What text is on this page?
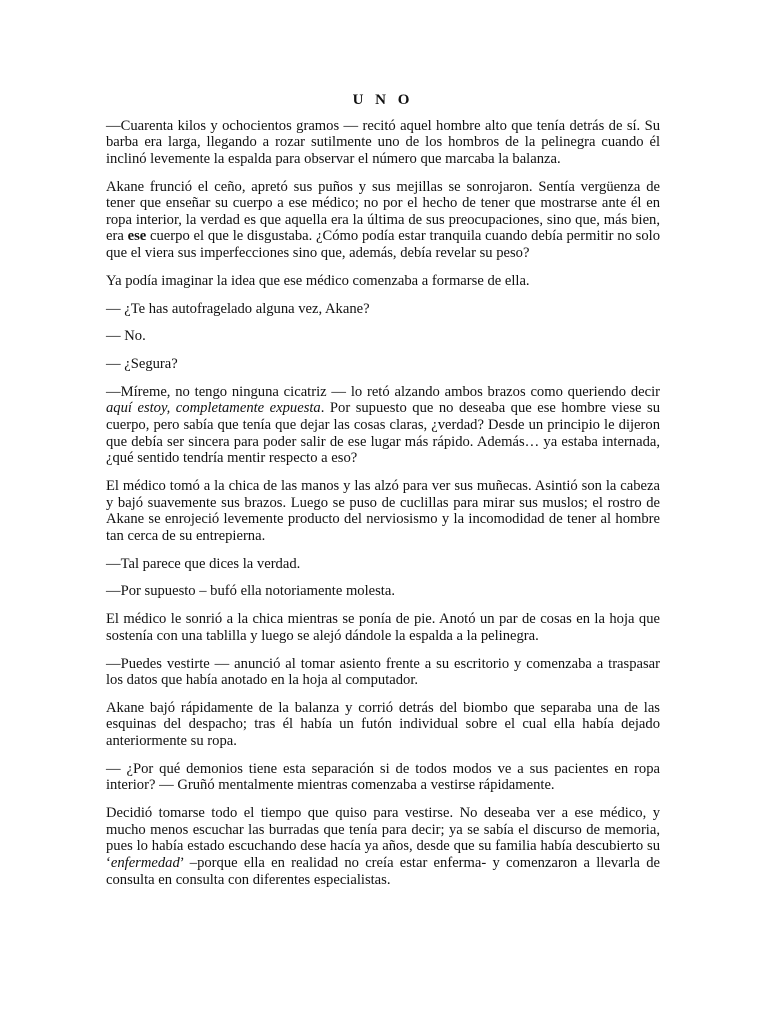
U N O

—Cuarenta kilos y ochocientos gramos — recitó aquel hombre alto que tenía detrás de sí. Su barba era larga, llegando a rozar sutilmente uno de los hombros de la pelinegra cuando él inclinó levemente la espalda para observar el número que marcaba la balanza.

Akane frunció el ceño, apretó sus puños y sus mejillas se sonrojaron. Sentía vergüenza de tener que enseñar su cuerpo a ese médico; no por el hecho de tener que mostrarse ante él en ropa interior, la verdad es que aquella era la última de sus preocupaciones, sino que, más bien, era ese cuerpo el que le disgustaba. ¿Cómo podía estar tranquila cuando debía permitir no solo que el viera sus imperfecciones sino que, además, debía revelar su peso?

Ya podía imaginar la idea que ese médico comenzaba a formarse de ella.

— ¿Te has autofragelado alguna vez, Akane?

— No.

— ¿Segura?

—Míreme, no tengo ninguna cicatriz — lo retó alzando ambos brazos como queriendo decir aquí estoy, completamente expuesta. Por supuesto que no deseaba que ese hombre viese su cuerpo, pero sabía que tenía que dejar las cosas claras, ¿verdad? Desde un principio le dijeron que debía ser sincera para poder salir de ese lugar más rápido. Además… ya estaba internada, ¿qué sentido tendría mentir respecto a eso?

El médico tomó a la chica de las manos y las alzó para ver sus muñecas. Asintió son la cabeza y bajó suavemente sus brazos. Luego se puso de cuclillas para mirar sus muslos; el rostro de Akane se enrojeció levemente producto del nerviosismo y la incomodidad de tener al hombre tan cerca de su entrepierna.

—Tal parece que dices la verdad.

—Por supuesto – bufó ella notoriamente molesta.

El médico le sonrió a la chica mientras se ponía de pie. Anotó un par de cosas en la hoja que sostenía con una tablilla y luego se alejó dándole la espalda a la pelinegra.

—Puedes vestirte — anunció al tomar asiento frente a su escritorio y comenzaba a traspasar los datos que había anotado en la hoja al computador.

Akane bajó rápidamente de la balanza y corrió detrás del biombo que separaba una de las esquinas del despacho; tras él había un futón individual sobre el cual ella había dejado anteriormente su ropa.

— ¿Por qué demonios tiene esta separación si de todos modos ve a sus pacientes en ropa interior? — Gruñó mentalmente mientras comenzaba a vestirse rápidamente.

Decidió tomarse todo el tiempo que quiso para vestirse. No deseaba ver a ese médico, y mucho menos escuchar las burradas que tenía para decir; ya se sabía el discurso de memoria, pues lo había estado escuchando dese hacía ya años, desde que su familia había descubierto su ‘enfermedad’ –porque ella en realidad no creía estar enferma- y comenzaron a llevarla de consulta en consulta con diferentes especialistas.
